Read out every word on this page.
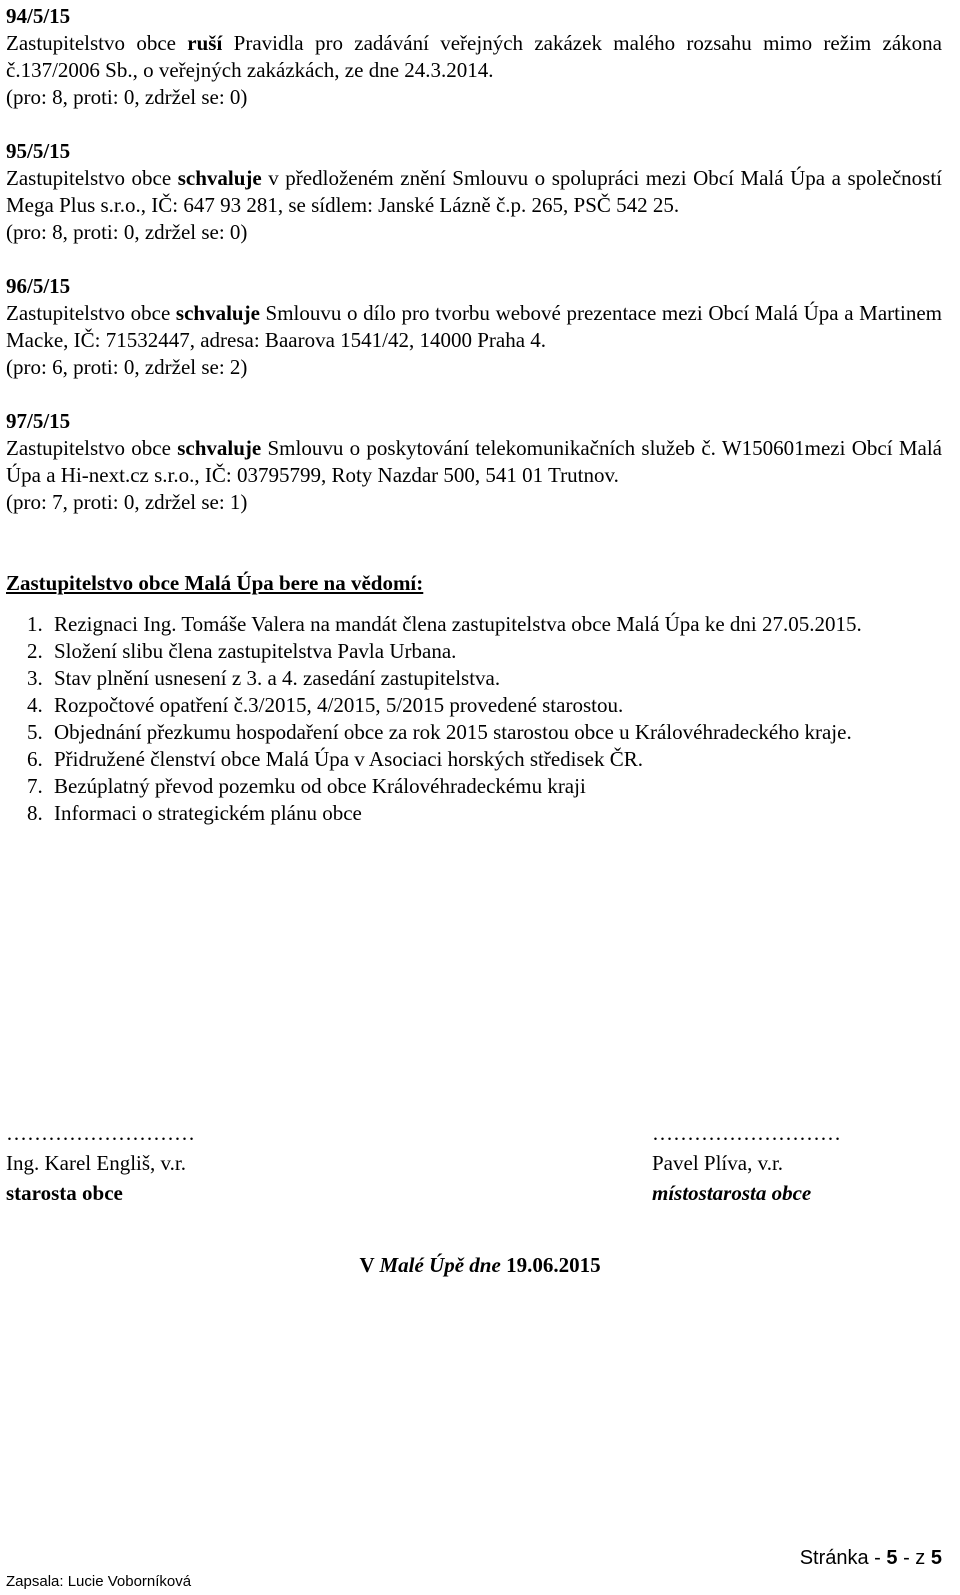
94/5/15

Zastupitelstvo obce ruší Pravidla pro zadávání veřejných zakázek malého rozsahu mimo režim zákona č.137/2006 Sb., o veřejných zakázkách, ze dne 24.3.2014.

(pro: 8, proti: 0, zdržel se: 0)
95/5/15

Zastupitelstvo obce schvaluje v předloženém znění Smlouvu o spolupráci mezi Obcí Malá Úpa a společností Mega Plus s.r.o., IČ: 647 93 281, se sídlem: Janské Lázně č.p. 265, PSČ 542 25.

(pro: 8, proti: 0, zdržel se: 0)
96/5/15

Zastupitelstvo obce schvaluje Smlouvu o dílo pro tvorbu webové prezentace mezi Obcí Malá Úpa a Martinem Macke, IČ: 71532447, adresa: Baarova 1541/42, 14000 Praha 4.

(pro: 6, proti: 0, zdržel se: 2)
97/5/15

Zastupitelstvo obce schvaluje Smlouvu o poskytování telekomunikačních služeb č. W150601mezi Obcí Malá Úpa a Hi-next.cz s.r.o., IČ: 03795799, Roty Nazdar 500, 541 01 Trutnov.

(pro: 7, proti: 0, zdržel se: 1)

Zastupitelstvo obce Malá Úpa bere na vědomí:

1. Rezignaci Ing. Tomáše Valera na mandát člena zastupitelstva obce Malá Úpa ke dni 27.05.2015.
2. Složení slibu člena zastupitelstva Pavla Urbana.
3. Stav plnění usnesení z 3. a 4. zasedání zastupitelstva.
4. Rozpočtové opatření č.3/2015, 4/2015, 5/2015 provedené starostou.
5. Objednání přezkumu hospodaření obce za rok 2015 starostou obce u Královéhradeckého kraje.
6. Přidružené členství obce Malá Úpa v Asociaci horských středisek ČR.
7. Bezúplatný převod pozemku od obce Královéhradeckému kraji
8. Informaci o strategickém plánu obce
………………………
Ing. Karel Engliš, v.r.
starosta obce
………………………
Pavel Plíva, v.r.
místostarosta obce
V Malé Úpě dne 19.06.2015
Stránka - 5 - z 5
Zapsala: Lucie Voborníková
